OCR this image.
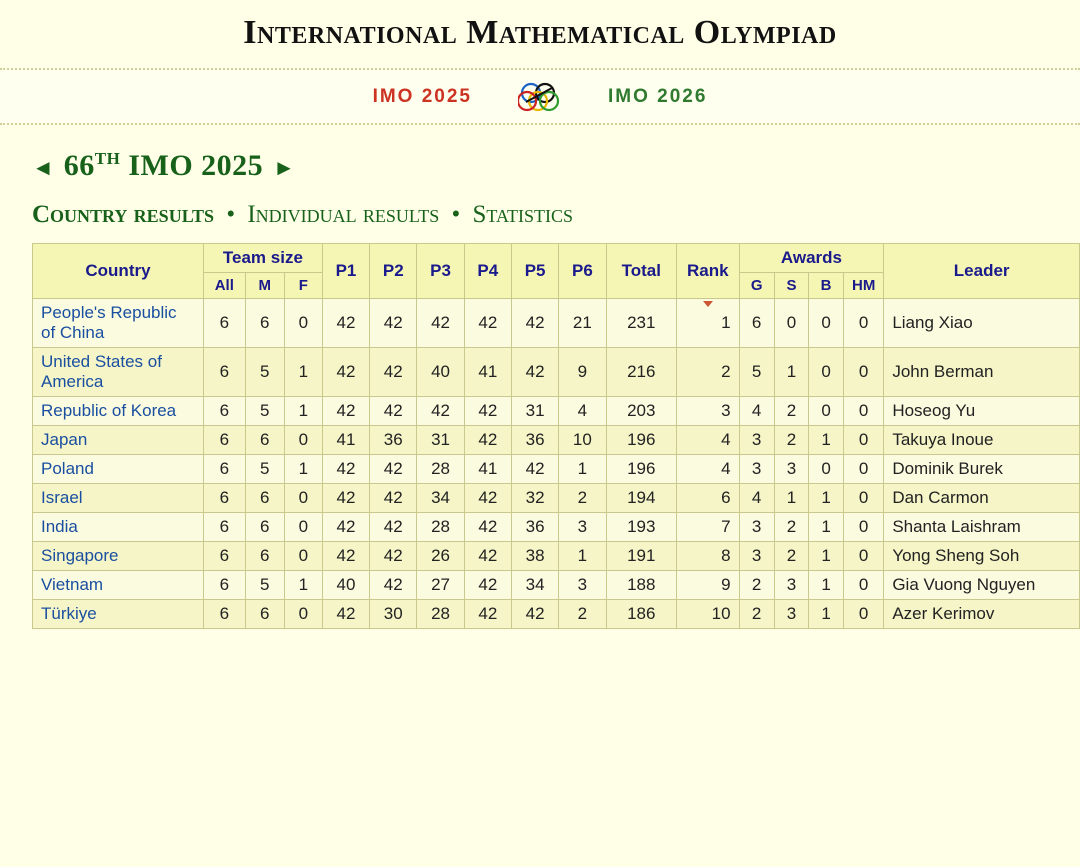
International Mathematical Olympiad
IMO 2025	IMO 2026
◄ 66TH IMO 2025 ►
Country results • Individual results • Statistics
Country	Team size			P1	P2	P3	P4	P5	P6	Total	Rank	Awards				Leader
	All	M	F									G	S	B	HM	
People's Republic of China	6	6	0	42	42	42	42	42	21	231	1	6	0	0	0	Liang Xiao
United States of America	6	5	1	42	42	40	41	42	9	216	2	5	1	0	0	John Berman
Republic of Korea	6	5	1	42	42	42	42	31	4	203	3	4	2	0	0	Hoseog Yu
Japan	6	6	0	41	36	31	42	36	10	196	4	3	2	1	0	Takuya Inoue
Poland	6	5	1	42	42	28	41	42	1	196	4	3	3	0	0	Dominik Burek
Israel	6	6	0	42	42	34	42	32	2	194	6	4	1	1	0	Dan Carmon
India	6	6	0	42	42	28	42	36	3	193	7	3	2	1	0	Shanta Laishram
Singapore	6	6	0	42	42	26	42	38	1	191	8	3	2	1	0	Yong Sheng Soh
Vietnam	6	5	1	40	42	27	42	34	3	188	9	2	3	1	0	Gia Vuong Nguyen
Türkiye	6	6	0	42	30	28	42	42	2	186	10	2	3	1	0	Azer Kerimov
